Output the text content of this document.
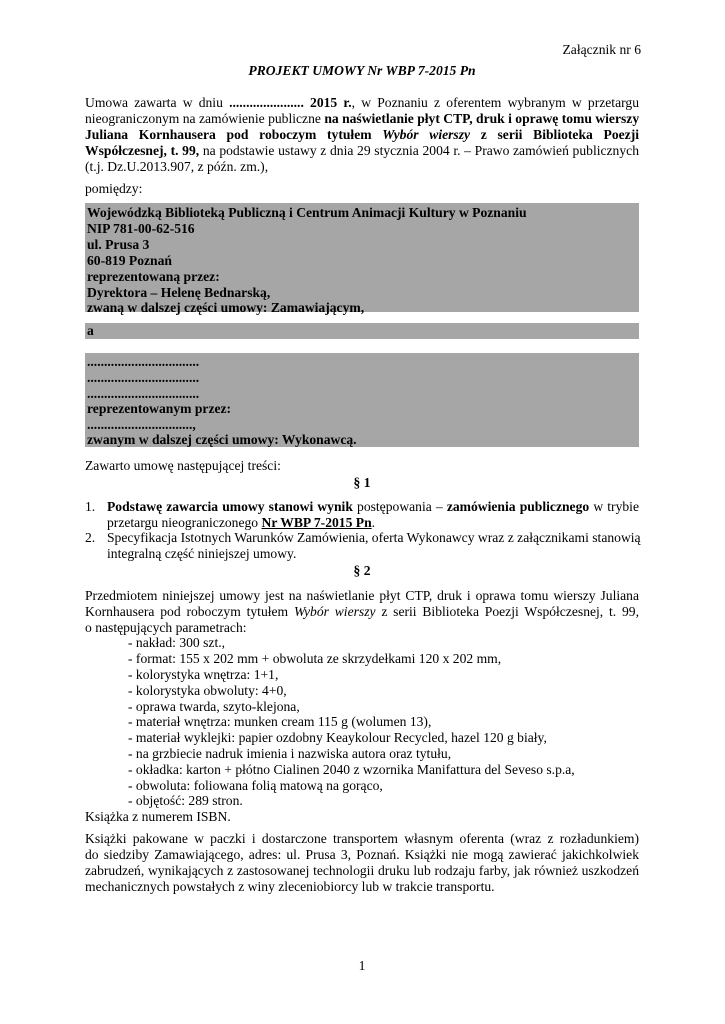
Załącznik nr 6
PROJEKT UMOWY Nr WBP 7-2015 Pn
Umowa zawarta w dniu ...................... 2015 r., w Poznaniu z oferentem wybranym w przetargu
nieograniczonym na zamówienie publiczne na naświetlanie płyt CTP, druk i oprawę tomu wierszy
Juliana Kornhausera pod roboczym tytułem Wybór wierszy z serii Biblioteka Poezji
Współczesnej, t. 99, na podstawie ustawy z dnia 29 stycznia 2004 r. – Prawo zamówień publicznych
(t.j. Dz.U.2013.907, z późn. zm.),
pomiędzy:
Wojewódzką Biblioteką Publiczną i Centrum Animacji Kultury w Poznaniu
NIP 781-00-62-516
ul. Prusa 3
60-819 Poznań
reprezentowaną przez:
Dyrektora – Helenę Bednarską,
zwaną w dalszej części umowy: Zamawiającym,
a
.................................
.................................
.................................
reprezentowanym przez:
...............................,
zwanym w dalszej części umowy: Wykonawcą.
Zawarto umowę następującej treści:
§ 1
1. Podstawę zawarcia umowy stanowi wynik postępowania – zamówienia publicznego w trybie
przetargu nieograniczonego Nr WBP 7-2015 Pn.
2. Specyfikacja Istotnych Warunków Zamówienia, oferta Wykonawcy wraz z załącznikami stanowią
integralną część niniejszej umowy.
§ 2
Przedmiotem niniejszej umowy jest na naświetlanie płyt CTP, druk i oprawa tomu wierszy Juliana
Kornhausera pod roboczym tytułem Wybór wierszy z serii Biblioteka Poezji Współczesnej, t. 99,
o następujących parametrach:
- nakład: 300 szt.,
- format: 155 x 202 mm + obwoluta ze skrzydełkami 120 x 202 mm,
- kolorystyka wnętrza: 1+1,
- kolorystyka obwoluty: 4+0,
- oprawa twarda, szyto-klejona,
- materiał wnętrza: munken cream 115 g (wolumen 13),
- materiał wyklejki: papier ozdobny Keaykolour Recycled, hazel 120 g biały,
- na grzbiecie nadruk imienia i nazwiska autora oraz tytułu,
- okładka: karton + płótno Cialinen 2040 z wzornika Manifattura del Seveso s.p.a,
- obwoluta: foliowana folią matową na gorąco,
- objętość: 289 stron.
Książka z numerem ISBN.
Książki pakowane w paczki i dostarczone transportem własnym oferenta (wraz z rozładunkiem)
do siedziby Zamawiającego, adres: ul. Prusa 3, Poznań. Książki nie mogą zawierać jakichkolwiek
zabrudzeń, wynikających z zastosowanej technologii druku lub rodzaju farby, jak również uszkodzeń
mechanicznych powstałych z winy zleceniobiorcy lub w trakcie transportu.
1
